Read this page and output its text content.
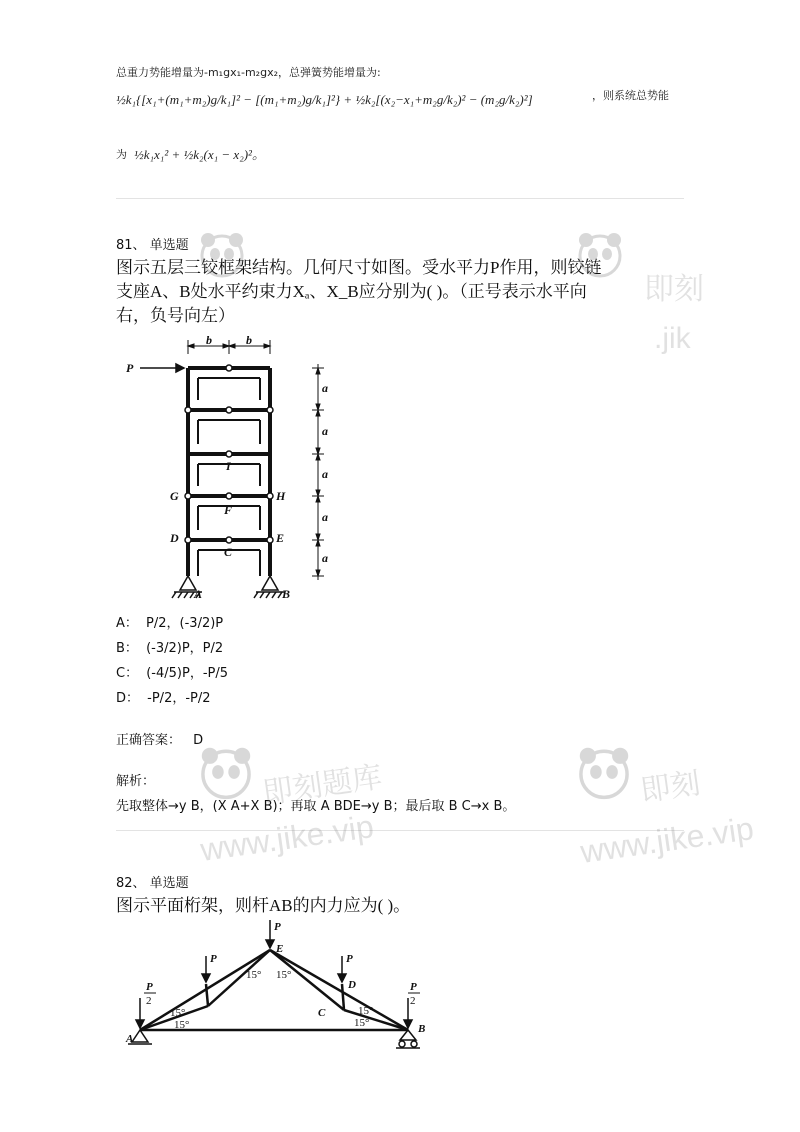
总重力势能增量为-m₁gx₁-m₂gx₂，总弹簧势能增量为:
½k₁{[x₁+(m₁+m₂)g/k₁]² − [(m₁+m₂)g/k₁]²} + ½k₂[(x₂−x₁+m₂g/k₂)² − (m₂g/k₂)²]	，则系统总势能
为 ½k₁x₁² + ½k₂(x₁ − x₂)²。
81、 单选题
图示五层三铰框架结构。几何尺寸如图。受水平力P作用，则铰链
支座A、B处水平约束力Xₐ、X_B应分别为( )。（正号表示水平向
右，负号向左）
P
b	b
a
a
a
a
a
I
G	H
F
D	E
C
A	B
A： P/2，(-3/2)P
B： (-3/2)P，P/2
C： (-4/5)P，-P/5
D： -P/2，-P/2
正确答案： D
解析：
先取整体→y B，(X A+X B)；再取 A BDE→y B；最后取 B C→x B。
82、 单选题
图示平面桁架，则杆AB的内力应为( )。
P
E
P	P
D
C
A
B
P
2
P
2
15° 15°
15°
15°
15°
15°
即刻
.jik
即刻题库
www.jike.vip
即刻
www.jike.vip
